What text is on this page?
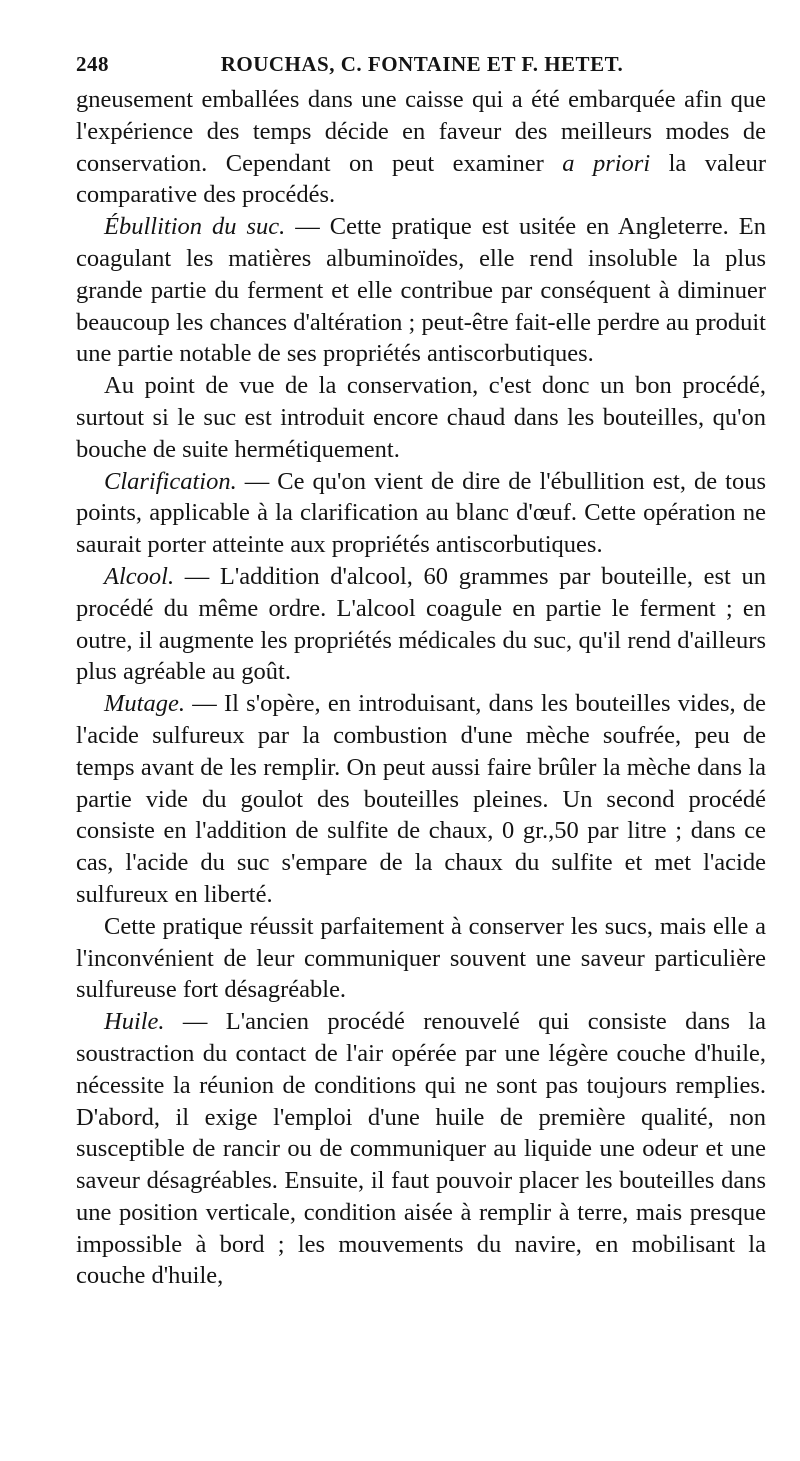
248	ROUCHAS, C. FONTAINE ET F. HETET.

gneusement emballées dans une caisse qui a été embarquée afin que l'expérience des temps décide en faveur des meilleurs modes de conservation. Cependant on peut examiner a priori la valeur comparative des procédés.

Ébullition du suc. — Cette pratique est usitée en Angleterre. En coagulant les matières albuminoïdes, elle rend insoluble la plus grande partie du ferment et elle contribue par conséquent à diminuer beaucoup les chances d'altération ; peut-être fait-elle perdre au produit une partie notable de ses propriétés antiscorbutiques.

Au point de vue de la conservation, c'est donc un bon procédé, surtout si le suc est introduit encore chaud dans les bouteilles, qu'on bouche de suite hermétiquement.

Clarification. — Ce qu'on vient de dire de l'ébullition est, de tous points, applicable à la clarification au blanc d'œuf. Cette opération ne saurait porter atteinte aux propriétés antiscorbutiques.

Alcool. — L'addition d'alcool, 60 grammes par bouteille, est un procédé du même ordre. L'alcool coagule en partie le ferment ; en outre, il augmente les propriétés médicales du suc, qu'il rend d'ailleurs plus agréable au goût.

Mutage. — Il s'opère, en introduisant, dans les bouteilles vides, de l'acide sulfureux par la combustion d'une mèche soufrée, peu de temps avant de les remplir. On peut aussi faire brûler la mèche dans la partie vide du goulot des bouteilles pleines. Un second procédé consiste en l'addition de sulfite de chaux, 0 gr.,50 par litre ; dans ce cas, l'acide du suc s'empare de la chaux du sulfite et met l'acide sulfureux en liberté.

Cette pratique réussit parfaitement à conserver les sucs, mais elle a l'inconvénient de leur communiquer souvent une saveur particulière sulfureuse fort désagréable.

Huile. — L'ancien procédé renouvelé qui consiste dans la soustraction du contact de l'air opérée par une légère couche d'huile, nécessite la réunion de conditions qui ne sont pas toujours remplies. D'abord, il exige l'emploi d'une huile de première qualité, non susceptible de rancir ou de communiquer au liquide une odeur et une saveur désagréables. Ensuite, il faut pouvoir placer les bouteilles dans une position verticale, condition aisée à remplir à terre, mais presque impossible à bord ; les mouvements du navire, en mobilisant la couche d'huile,
